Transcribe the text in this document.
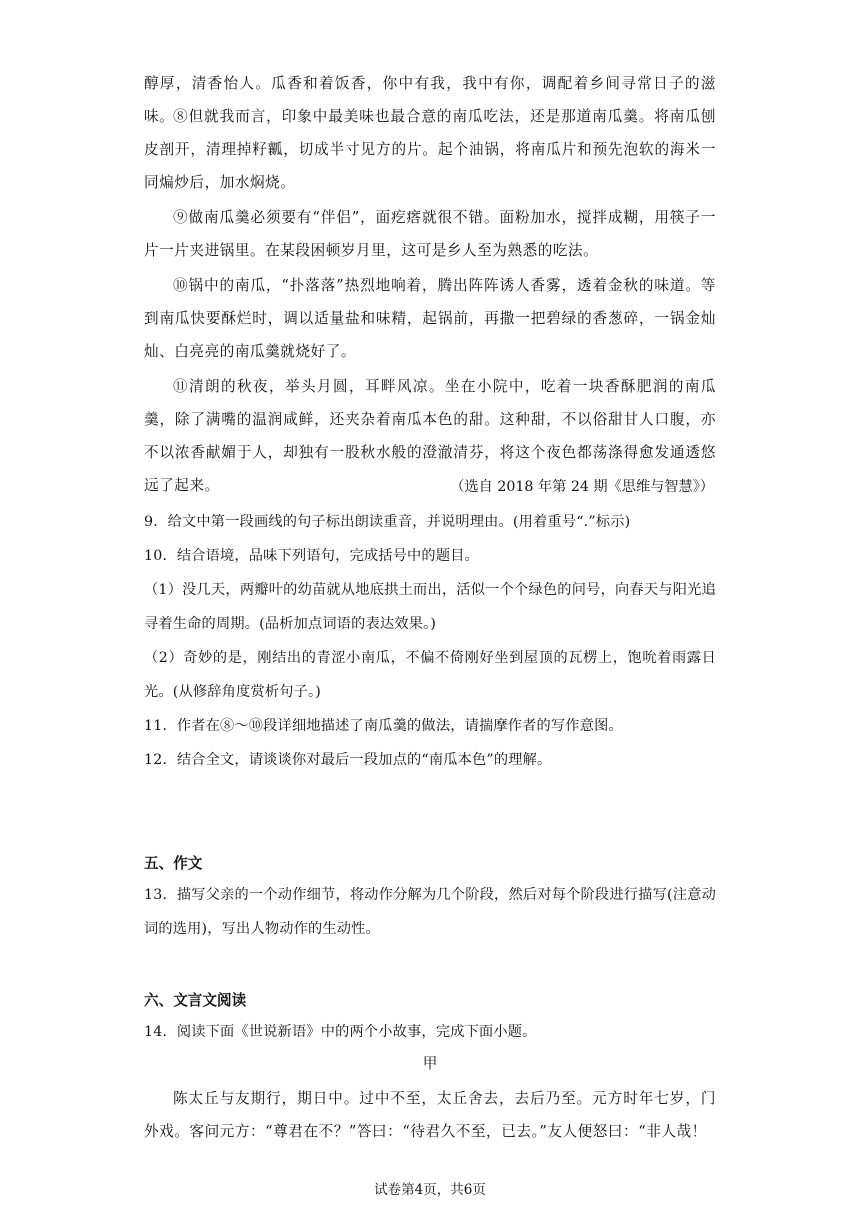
醇厚，清香怡人。瓜香和着饭香，你中有我，我中有你，调配着乡间寻常日子的滋味。

⑧但就我而言，印象中最美味也最合意的南瓜吃法，还是那道南瓜羹。将南瓜刨皮剖开，清理掉籽瓤，切成半寸见方的片。起个油锅，将南瓜片和预先泡软的海米一同煸炒后，加水焖烧。

⑨做南瓜羹必须要有“伴侣”，面疙瘩就很不错。面粉加水，搅拌成糊，用筷子一片一片夹进锅里。在某段困顿岁月里，这可是乡人至为熟悉的吃法。

⑩锅中的南瓜，“扑落落”热烈地响着，腾出阵阵诱人香雾，透着金秋的味道。等到南瓜快要酥烂时，调以适量盐和味精，起锅前，再撒一把碧绿的香葱碎，一锅金灿灿、白亮亮的南瓜羹就烧好了。

⑪清朗的秋夜，举头月圆，耳畔风凉。坐在小院中，吃着一块香酥肥润的南瓜羹，除了满嘴的温润咸鲜，还夹杂着南瓜本色的甜。这种甜，不以俗甜甘人口腹，亦不以浓香献媚于人，却独有一股秋水般的澄澈清芬，将这个夜色都荡涤得愈发通透悠远了起来。	（选自 2018 年第 24 期《思维与智慧》）

9．给文中第一段画线的句子标出朗读重音，并说明理由。(用着重号“.”标示)

10．结合语境，品味下列语句，完成括号中的题目。

（1）没几天，两瓣叶的幼苗就从地底拱土而出，活似一个个绿色的问号，向春天与阳光追寻着生命的周期。(品析加点词语的表达效果。)

（2）奇妙的是，刚结出的青涩小南瓜，不偏不倚刚好坐到屋顶的瓦楞上，饱吮着雨露日光。(从修辞角度赏析句子。)

11．作者在⑧～⑩段详细地描述了南瓜羹的做法，请揣摩作者的写作意图。

12．结合全文，请谈谈你对最后一段加点的“南瓜本色”的理解。

五、作文

13．描写父亲的一个动作细节，将动作分解为几个阶段，然后对每个阶段进行描写(注意动词的选用)，写出人物动作的生动性。

六、文言文阅读

14．阅读下面《世说新语》中的两个小故事，完成下面小题。

甲

陈太丘与友期行，期日中。过中不至，太丘舍去，去后乃至。元方时年七岁，门外戏。客问元方：“尊君在不？”答曰：“待君久不至，已去。”友人便怒曰：“非人哉！

试卷第4页，共6页
